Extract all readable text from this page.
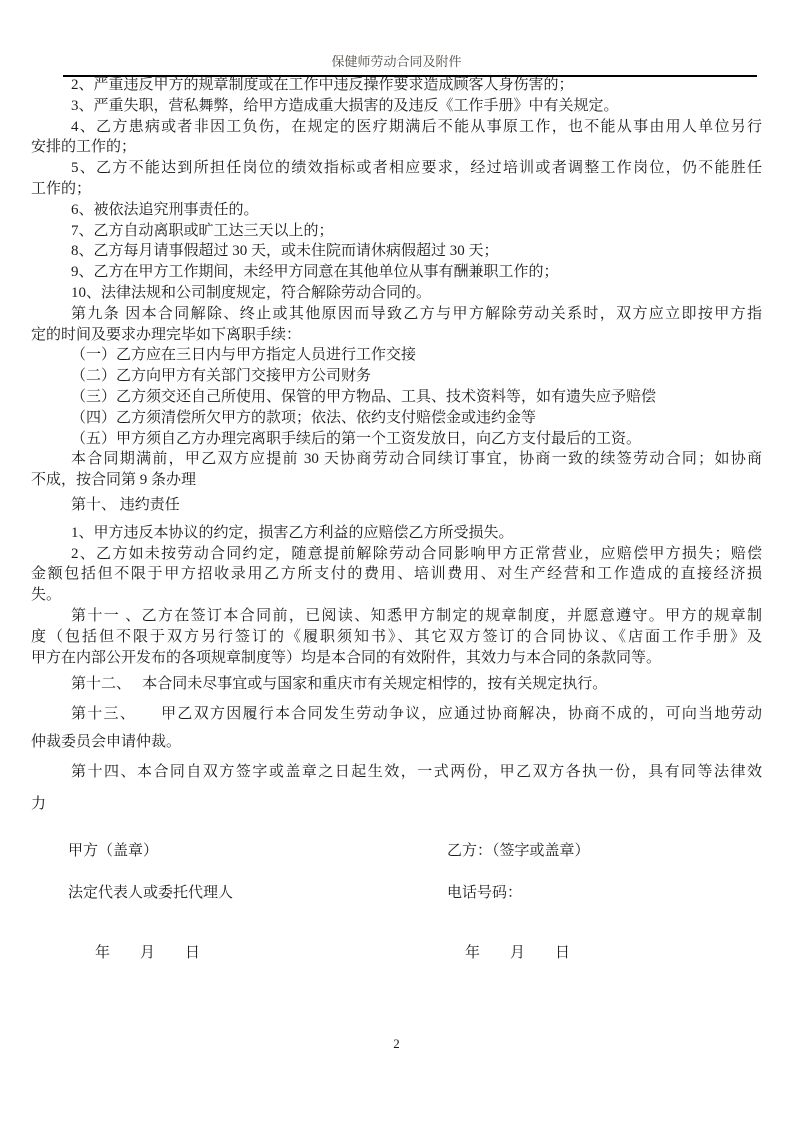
保健师劳动合同及附件
2、严重违反甲方的规章制度或在工作中违反操作要求造成顾客人身伤害的；
3、严重失职，营私舞弊，给甲方造成重大损害的及违反《工作手册》中有关规定。
4、乙方患病或者非因工负伤，在规定的医疗期满后不能从事原工作，也不能从事由用人单位另行
安排的工作的；
5、乙方不能达到所担任岗位的绩效指标或者相应要求，经过培训或者调整工作岗位，仍不能胜任
工作的；
6、被依法追究刑事责任的。
7、乙方自动离职或旷工达三天以上的；
8、乙方每月请事假超过 30 天，或未住院而请休病假超过 30 天；
9、乙方在甲方工作期间，未经甲方同意在其他单位从事有酬兼职工作的；
10、法律法规和公司制度规定，符合解除劳动合同的。
第九条 因本合同解除、终止或其他原因而导致乙方与甲方解除劳动关系时，双方应立即按甲方指
定的时间及要求办理完毕如下离职手续：
（一）乙方应在三日内与甲方指定人员进行工作交接
（二）乙方向甲方有关部门交接甲方公司财务
（三）乙方须交还自己所使用、保管的甲方物品、工具、技术资料等，如有遗失应予赔偿
（四）乙方须清偿所欠甲方的款项；依法、依约支付赔偿金或违约金等
（五）甲方须自乙方办理完离职手续后的第一个工资发放日，向乙方支付最后的工资。
本合同期满前，甲乙双方应提前 30 天协商劳动合同续订事宜，协商一致的续签劳动合同；如协商
不成，按合同第 9 条办理
第十、 违约责任
1、甲方违反本协议的约定，损害乙方利益的应赔偿乙方所受损失。
2、乙方如未按劳动合同约定，随意提前解除劳动合同影响甲方正常营业，应赔偿甲方损失；赔偿
金额包括但不限于甲方招收录用乙方所支付的费用、培训费用、对生产经营和工作造成的直接经济损
失。
第十一 、乙方在签订本合同前，已阅读、知悉甲方制定的规章制度，并愿意遵守。甲方的规章制
度（包括但不限于双方另行签订的《履职须知书》、其它双方签订的合同协议、《店面工作手册》及
甲方在内部公开发布的各项规章制度等）均是本合同的有效附件，其效力与本合同的条款同等。
第十二、　 本合同未尽事宜或与国家和重庆市有关规定相悖的，按有关规定执行。
第十三、　　甲乙双方因履行本合同发生劳动争议，应通过协商解决，协商不成的，可向当地劳动
仲裁委员会申请仲裁。
第十四、本合同自双方签字或盖章之日起生效，一式两份，甲乙双方各执一份，具有同等法律效
力
甲方（盖章）	乙方：（签字或盖章）
法定代表人或委托代理人	电话号码：
年　　月　　日	年　　月　　日
2
